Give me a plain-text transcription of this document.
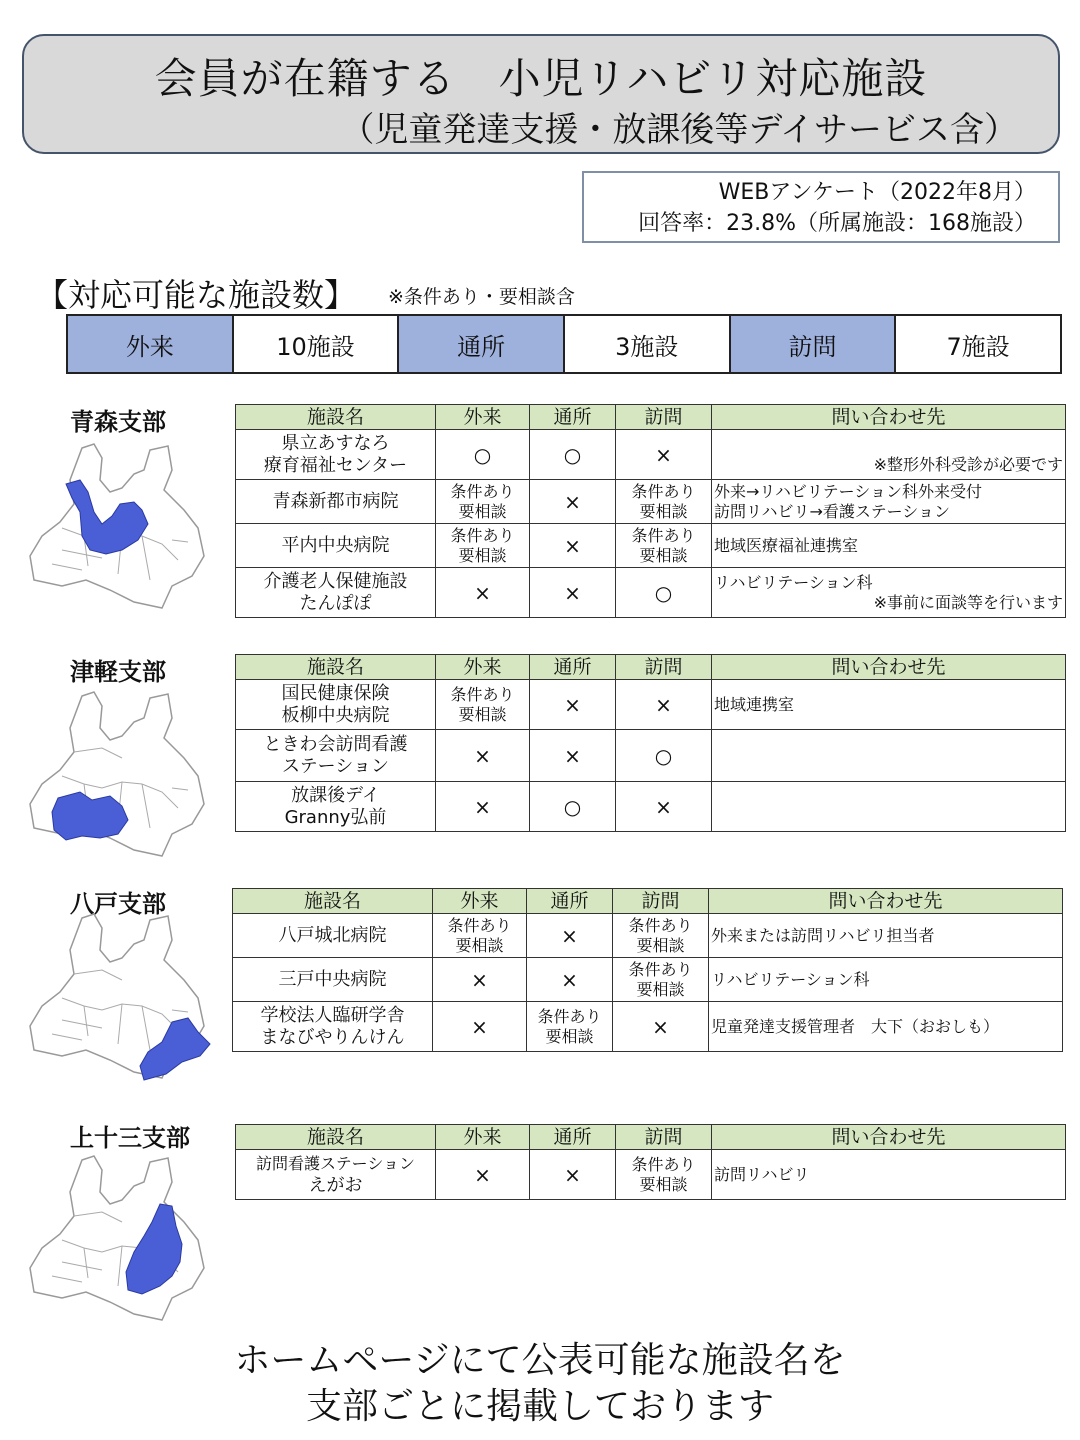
会員が在籍する　小児リハビリ対応施設
（児童発達支援・放課後等デイサービス含）
WEBアンケート（2022年8月）
回答率：23.8%（所属施設：168施設）
【対応可能な施設数】 ※条件あり・要相談含
外来	10施設	通所	3施設	訪問	7施設
青森支部	施設名	外来	通所	訪問	問い合わせ先
県立あすなろ
療育福祉センター	○	○	×	※整形外科受診が必要です

青森新都市病院	条件あり
要相談	×	条件あり
要相談	外来→リハビリテーション科外来受付
訪問リハビリ→看護ステーション

平内中央病院	条件あり
要相談	×	条件あり
要相談	地域医療福祉連携室
介護老人保健施設
たんぽぽ	×	×	○	リハビリテーション科
※事前に面談等を行います
津軽支部	施設名	外来	通所	訪問	問い合わせ先
国民健康保険
板柳中央病院	条件あり
要相談	×	×	地域連携室
ときわ会訪問看護
ステーション	×	×	○	
放課後デイ
Granny弘前	×	○	×	
八戸支部	施設名	外来	通所	訪問	問い合わせ先
八戸城北病院	条件あり
要相談	×	条件あり
要相談	外来または訪問リハビリ担当者
三戸中央病院	×	×	条件あり
要相談	リハビリテーション科
学校法人臨研学舎
まなびやりんけん	×	条件あり
要相談	×	児童発達支援管理者　大下（おおしも）
上十三支部	施設名	外来	通所	訪問	問い合わせ先
訪問看護ステーション
えがお	×	×	条件あり
要相談	訪問リハビリ
ホームページにて公表可能な施設名を
支部ごとに掲載しております
